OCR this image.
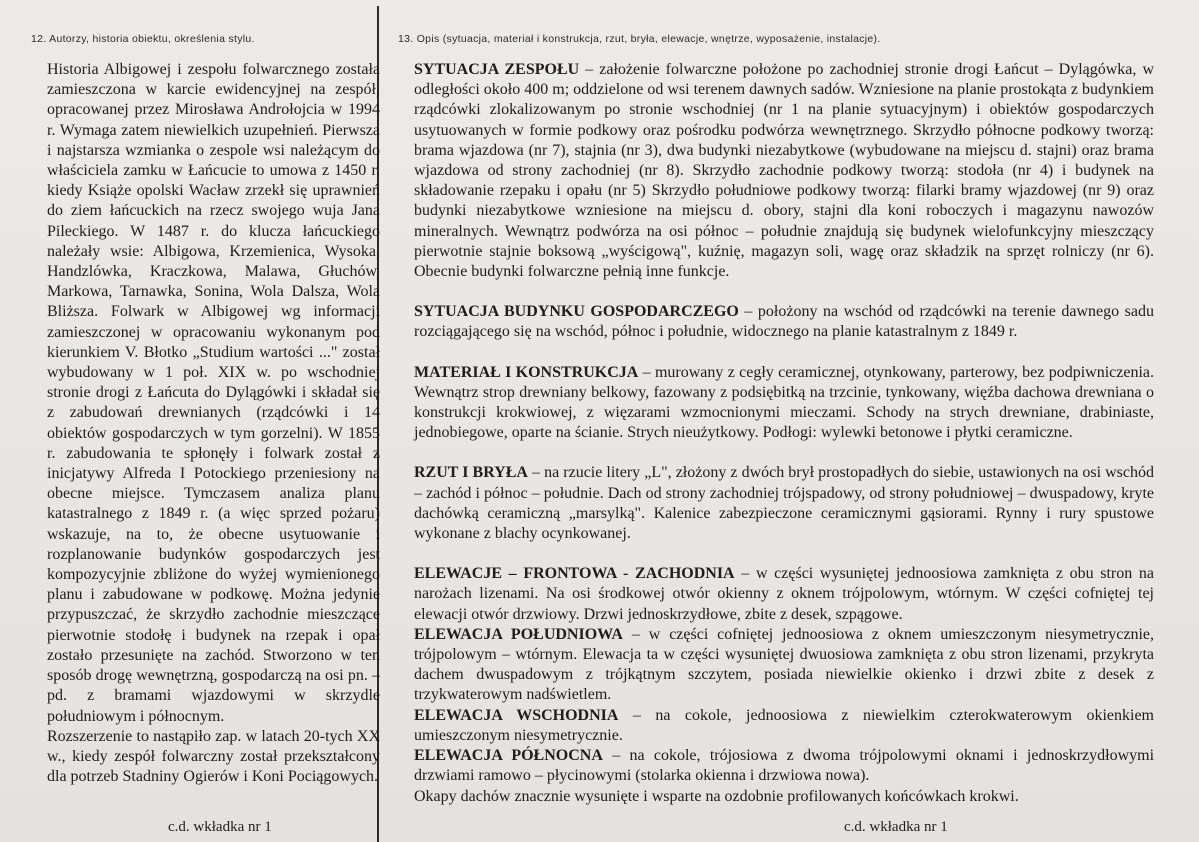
12. Autorzy, historia obiektu, określenia stylu.	13. Opis (sytuacja, materiał i konstrukcja, rzut, bryła, elewacje, wnętrze, wyposażenie, instalacje).

Historia Albigowej i zespołu folwarcznego została zamieszczona w karcie ewidencyjnej na zespół, opracowanej przez Mirosława Androłojcia w 1994 r. Wymaga zatem niewielkich uzupełnień. Pierwsza i najstarsza wzmianka o zespole wsi należącym do właściciela zamku w Łańcucie to umowa z 1450 r. kiedy Książe opolski Wacław zrzekł się uprawnień do ziem łańcuckich na rzecz swojego wuja Jana Pileckiego. W 1487 r. do klucza łańcuckiego należały wsie: Albigowa, Krzemienica, Wysoka, Handzlówka, Kraczkowa, Malawa, Głuchów, Markowa, Tarnawka, Sonina, Wola Dalsza, Wola Bliższa. Folwark w Albigowej wg informacji zamieszczonej w opracowaniu wykonanym pod kierunkiem V. Błotko „Studium wartości ..." został wybudowany w 1 poł. XIX w. po wschodniej stronie drogi z Łańcuta do Dylągówki i składał się z zabudowań drewnianych (rządcówki i 14 obiektów gospodarczych w tym gorzelni). W 1855 r. zabudowania te spłonęły i folwark został z inicjatywy Alfreda I Potockiego przeniesiony na obecne miejsce. Tymczasem analiza planu katastralnego z 1849 r. (a więc sprzed pożaru) wskazuje, na to, że obecne usytuowanie i rozplanowanie budynków gospodarczych jest kompozycyjnie zbliżone do wyżej wymienionego planu i zabudowane w podkowę. Można jedynie przypuszczać, że skrzydło zachodnie mieszczące pierwotnie stodołę i budynek na rzepak i opał zostało przesunięte na zachód. Stworzono w ten sposób drogę wewnętrzną, gospodarczą na osi pn. – pd. z bramami wjazdowymi w skrzydle południowym i północnym.

Rozszerzenie to nastąpiło zap. w latach 20-tych XX w., kiedy zespół folwarczny został przekształcony dla potrzeb Stadniny Ogierów i Koni Pociągowych.

SYTUACJA ZESPOŁU – założenie folwarczne położone po zachodniej stronie drogi Łańcut – Dylągówka, w odległości około 400 m; oddzielone od wsi terenem dawnych sadów. Wzniesione na planie prostokąta z budynkiem rządcówki zlokalizowanym po stronie wschodniej (nr 1 na planie sytuacyjnym) i obiektów gospodarczych usytuowanych w formie podkowy oraz pośrodku podwórza wewnętrznego. Skrzydło północne podkowy tworzą: brama wjazdowa (nr 7), stajnia (nr 3), dwa budynki niezabytkowe (wybudowane na miejscu d. stajni) oraz brama wjazdowa od strony zachodniej (nr 8). Skrzydło zachodnie podkowy tworzą: stodoła (nr 4) i budynek na składowanie rzepaku i opału (nr 5) Skrzydło południowe podkowy tworzą: filarki bramy wjazdowej (nr 9) oraz budynki niezabytkowe wzniesione na miejscu d. obory, stajni dla koni roboczych i magazynu nawozów mineralnych. Wewnątrz podwórza na osi północ – południe znajdują się budynek wielofunkcyjny mieszczący pierwotnie stajnie boksową „wyścigową", kuźnię, magazyn soli, wagę oraz składzik na sprzęt rolniczy (nr 6). Obecnie budynki folwarczne pełnią inne funkcje.

SYTUACJA BUDYNKU GOSPODARCZEGO – położony na wschód od rządcówki na terenie dawnego sadu rozciągającego się na wschód, północ i południe, widocznego na planie katastralnym z 1849 r.

MATERIAŁ I KONSTRUKCJA – murowany z cegły ceramicznej, otynkowany, parterowy, bez podpiwniczenia. Wewnątrz strop drewniany belkowy, fazowany z podsiębitką na trzcinie, tynkowany, więźba dachowa drewniana o konstrukcji krokwiowej, z więzarami wzmocnionymi mieczami. Schody na strych drewniane, drabiniaste, jednobiegowe, oparte na ścianie. Strych nieużytkowy. Podłogi: wylewki betonowe i płytki ceramiczne.

RZUT I BRYŁA – na rzucie litery „L", złożony z dwóch brył prostopadłych do siebie, ustawionych na osi wschód – zachód i północ – południe. Dach od strony zachodniej trójspadowy, od strony południowej – dwuspadowy, kryte dachówką ceramiczną „marsylką". Kalenice zabezpieczone ceramicznymi gąsiorami. Rynny i rury spustowe wykonane z blachy ocynkowanej.

ELEWACJE – FRONTOWA - ZACHODNIA – w części wysuniętej jednoosiowa zamknięta z obu stron na narożach lizenami. Na osi środkowej otwór okienny z oknem trójpolowym, wtórnym. W części cofniętej tej elewacji otwór drzwiowy. Drzwi jednoskrzydłowe, zbite z desek, szpągowe.

ELEWACJA POŁUDNIOWA – w części cofniętej jednoosiowa z oknem umieszczonym niesymetrycznie, trójpolowym – wtórnym. Elewacja ta w części wysuniętej dwuosiowa zamknięta z obu stron lizenami, przykryta dachem dwuspadowym z trójkątnym szczytem, posiada niewielkie okienko i drzwi zbite z desek z trzykwaterowym nadświetlem.

ELEWACJA WSCHODNIA – na cokole, jednoosiowa z niewielkim czterokwaterowym okienkiem umieszczonym niesymetrycznie.

ELEWACJA PÓŁNOCNA – na cokole, trójosiowa z dwoma trójpolowymi oknami i jednoskrzydłowymi drzwiami ramowo – płycinowymi (stolarka okienna i drzwiowa nowa).

Okapy dachów znacznie wysunięte i wsparte na ozdobnie profilowanych końcówkach krokwi.

c.d. wkładka nr 1	c.d. wkładka nr 1
